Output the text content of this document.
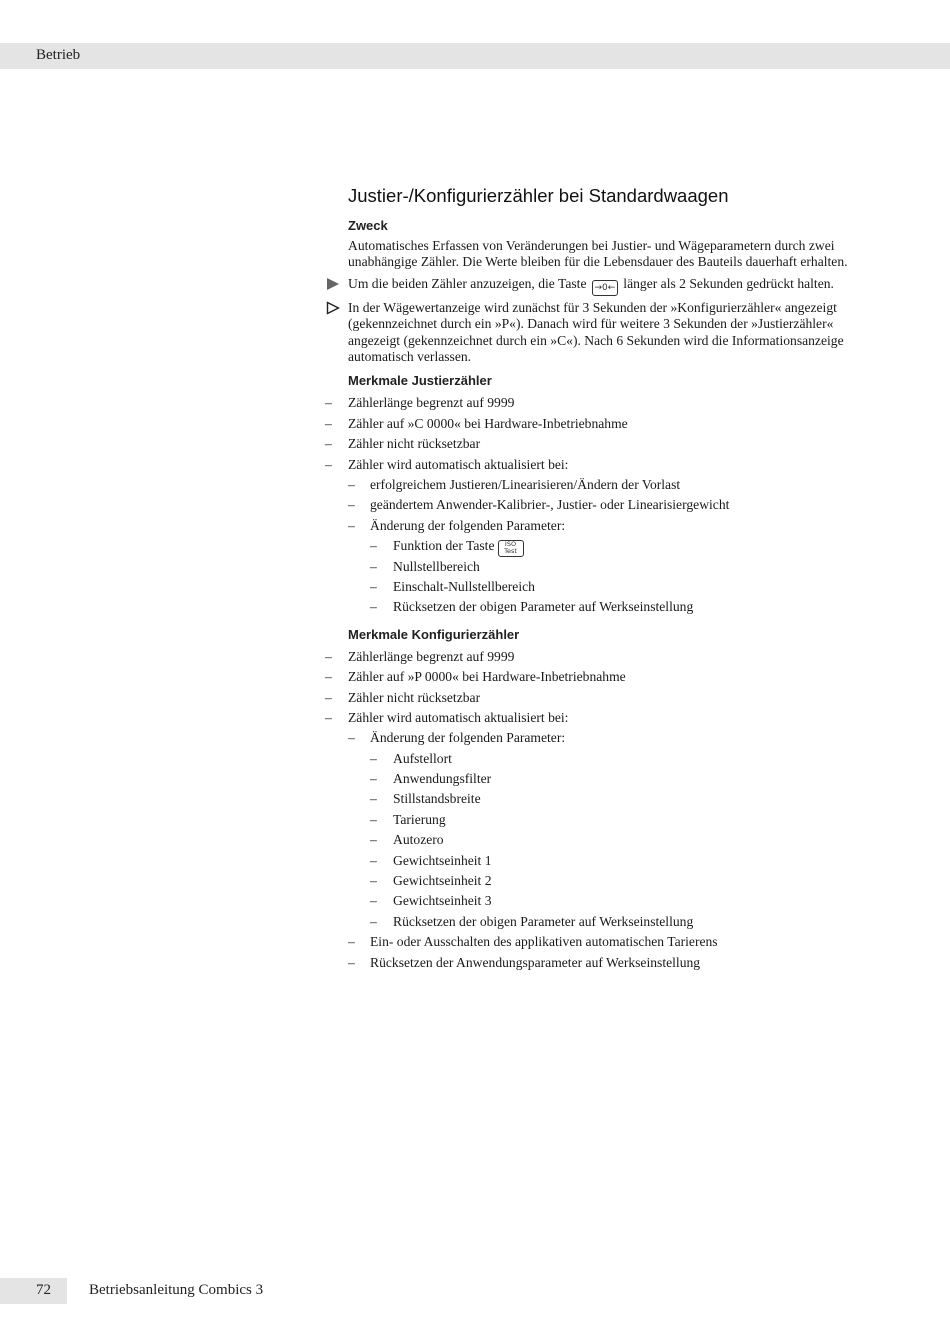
Betrieb
Justier-/Konfigurierzähler bei Standardwaagen
Zweck

Automatisches Erfassen von Veränderungen bei Justier- und Wägeparametern durch zwei unabhängige Zähler. Die Werte bleiben für die Lebensdauer des Bauteils dauerhaft erhalten.

Um die beiden Zähler anzuzeigen, die Taste →0← länger als 2 Sekunden gedrückt halten.

In der Wägewertanzeige wird zunächst für 3 Sekunden der »Konfigurierzähler« angezeigt (gekennzeichnet durch ein »P«). Danach wird für weitere 3 Sekunden der »Justierzähler« angezeigt (gekennzeichnet durch ein »C«). Nach 6 Sekunden wird die Informationsanzeige automatisch verlassen.

Merkmale Justierzähler
– Zählerlänge begrenzt auf 9999
– Zähler auf »C 0000« bei Hardware-Inbetriebnahme
– Zähler nicht rücksetzbar
– Zähler wird automatisch aktualisiert bei:
– erfolgreichem Justieren/Linearisieren/Ändern der Vorlast
– geändertem Anwender-Kalibrier-, Justier- oder Linearisiergewicht
– Änderung der folgenden Parameter:
– Funktion der Taste	ISO
Test
– Nullstellbereich
– Einschalt-Nullstellbereich
– Rücksetzen der obigen Parameter auf Werkseinstellung
Merkmale Konfigurierzähler
– Zählerlänge begrenzt auf 9999
– Zähler auf »P 0000« bei Hardware-Inbetriebnahme
– Zähler nicht rücksetzbar
– Zähler wird automatisch aktualisiert bei:
– Änderung der folgenden Parameter:
– Aufstellort
– Anwendungsfilter
– Stillstandsbreite
– Tarierung
– Autozero
– Gewichtseinheit 1
– Gewichtseinheit 2
– Gewichtseinheit 3
– Rücksetzen der obigen Parameter auf Werkseinstellung
– Ein- oder Ausschalten des applikativen automatischen Tarierens
– Rücksetzen der Anwendungsparameter auf Werkseinstellung
72	Betriebsanleitung Combics 3
